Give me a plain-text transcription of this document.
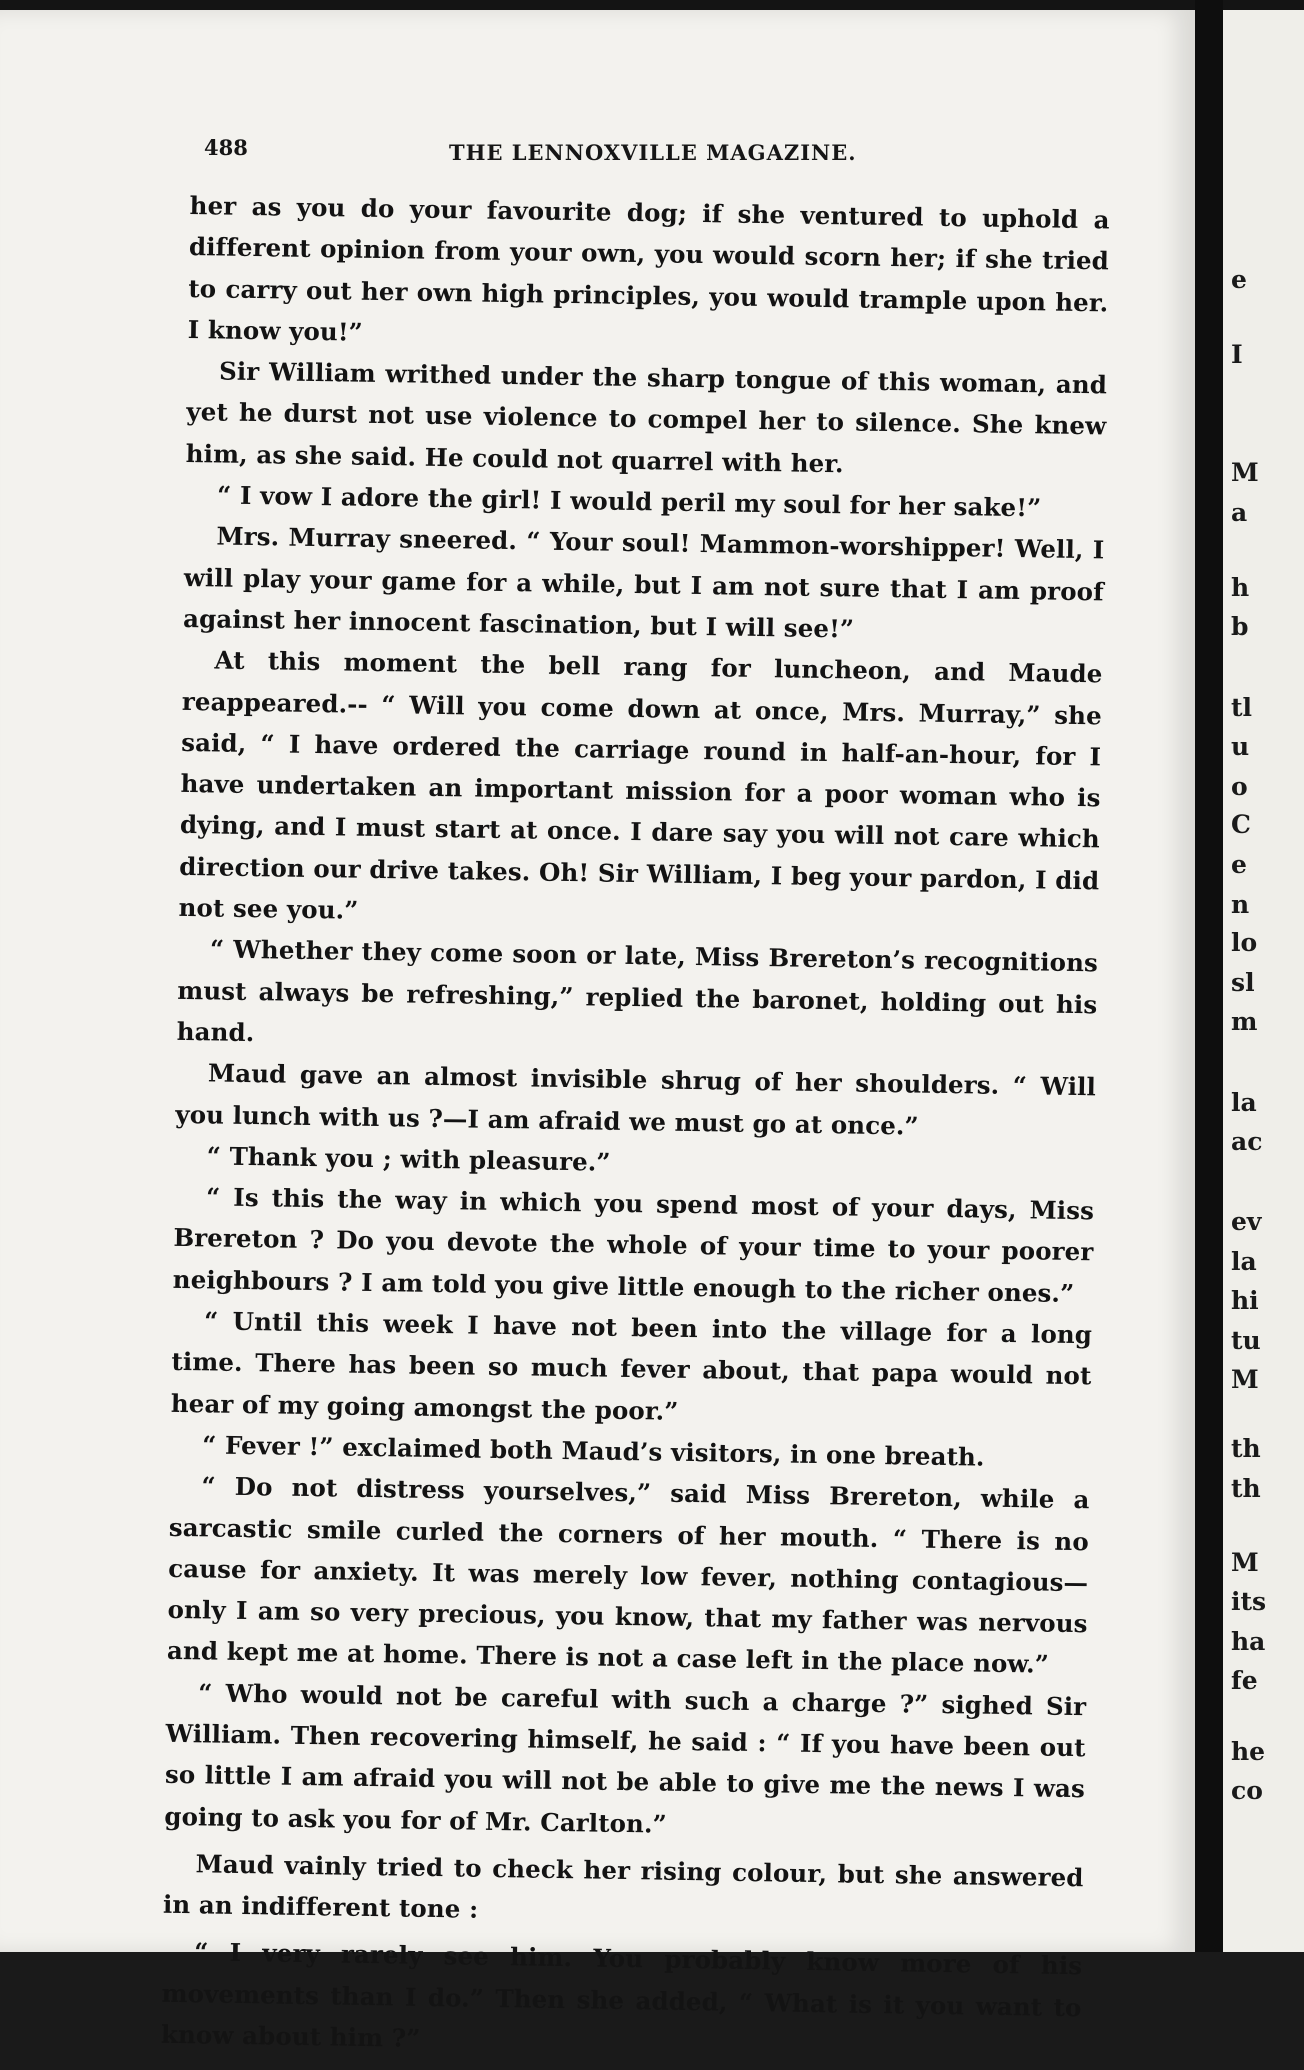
488	THE LENNOXVILLE MAGAZINE.

her as you do your favourite dog; if she ventured to uphold a different opinion from your own, you would scorn her; if she tried to carry out her own high principles, you would trample upon her. I know you!”

Sir William writhed under the sharp tongue of this woman, and yet he durst not use violence to compel her to silence. She knew him, as she said. He could not quarrel with her.

“ I vow I adore the girl! I would peril my soul for her sake!”

Mrs. Murray sneered. “ Your soul! Mammon-worshipper! Well, I will play your game for a while, but I am not sure that I am proof against her innocent fascination, but I will see!”

At this moment the bell rang for luncheon, and Maude reappeared.-- “ Will you come down at once, Mrs. Murray,” she said, “ I have ordered the carriage round in half-an-hour, for I have undertaken an important mission for a poor woman who is dying, and I must start at once. I dare say you will not care which direction our drive takes. Oh! Sir William, I beg your pardon, I did not see you.”

“ Whether they come soon or late, Miss Brereton’s recognitions must always be refreshing,” replied the baronet, holding out his hand.

Maud gave an almost invisible shrug of her shoulders. “ Will you lunch with us ?—I am afraid we must go at once.”

“ Thank you ; with pleasure.”

“ Is this the way in which you spend most of your days, Miss Brereton ? Do you devote the whole of your time to your poorer neighbours ? I am told you give little enough to the richer ones.”

“ Until this week I have not been into the village for a long time. There has been so much fever about, that papa would not hear of my going amongst the poor.”

“ Fever !” exclaimed both Maud’s visitors, in one breath.

“ Do not distress yourselves,” said Miss Brereton, while a sarcastic smile curled the corners of her mouth. “ There is no cause for anxiety. It was merely low fever, nothing contagious—only I am so very precious, you know, that my father was nervous and kept me at home. There is not a case left in the place now.”

“ Who would not be careful with such a charge ?” sighed Sir William. Then recovering himself, he said : “ If you have been out so little I am afraid you will not be able to give me the news I was going to ask you for of Mr. Carlton.”

Maud vainly tried to check her rising colour, but she answered in an indifferent tone :

“ I very rarely see him. You probably know more of his movements than I do.” Then she added, “ What is it you want to know about him ?”

e
I
M
a
h
b
tl
u
o
C
e
n
lo
sl
m
la
ac
ev
la
hi
tu
M
th
th
M
its
ha
fe
he
co
